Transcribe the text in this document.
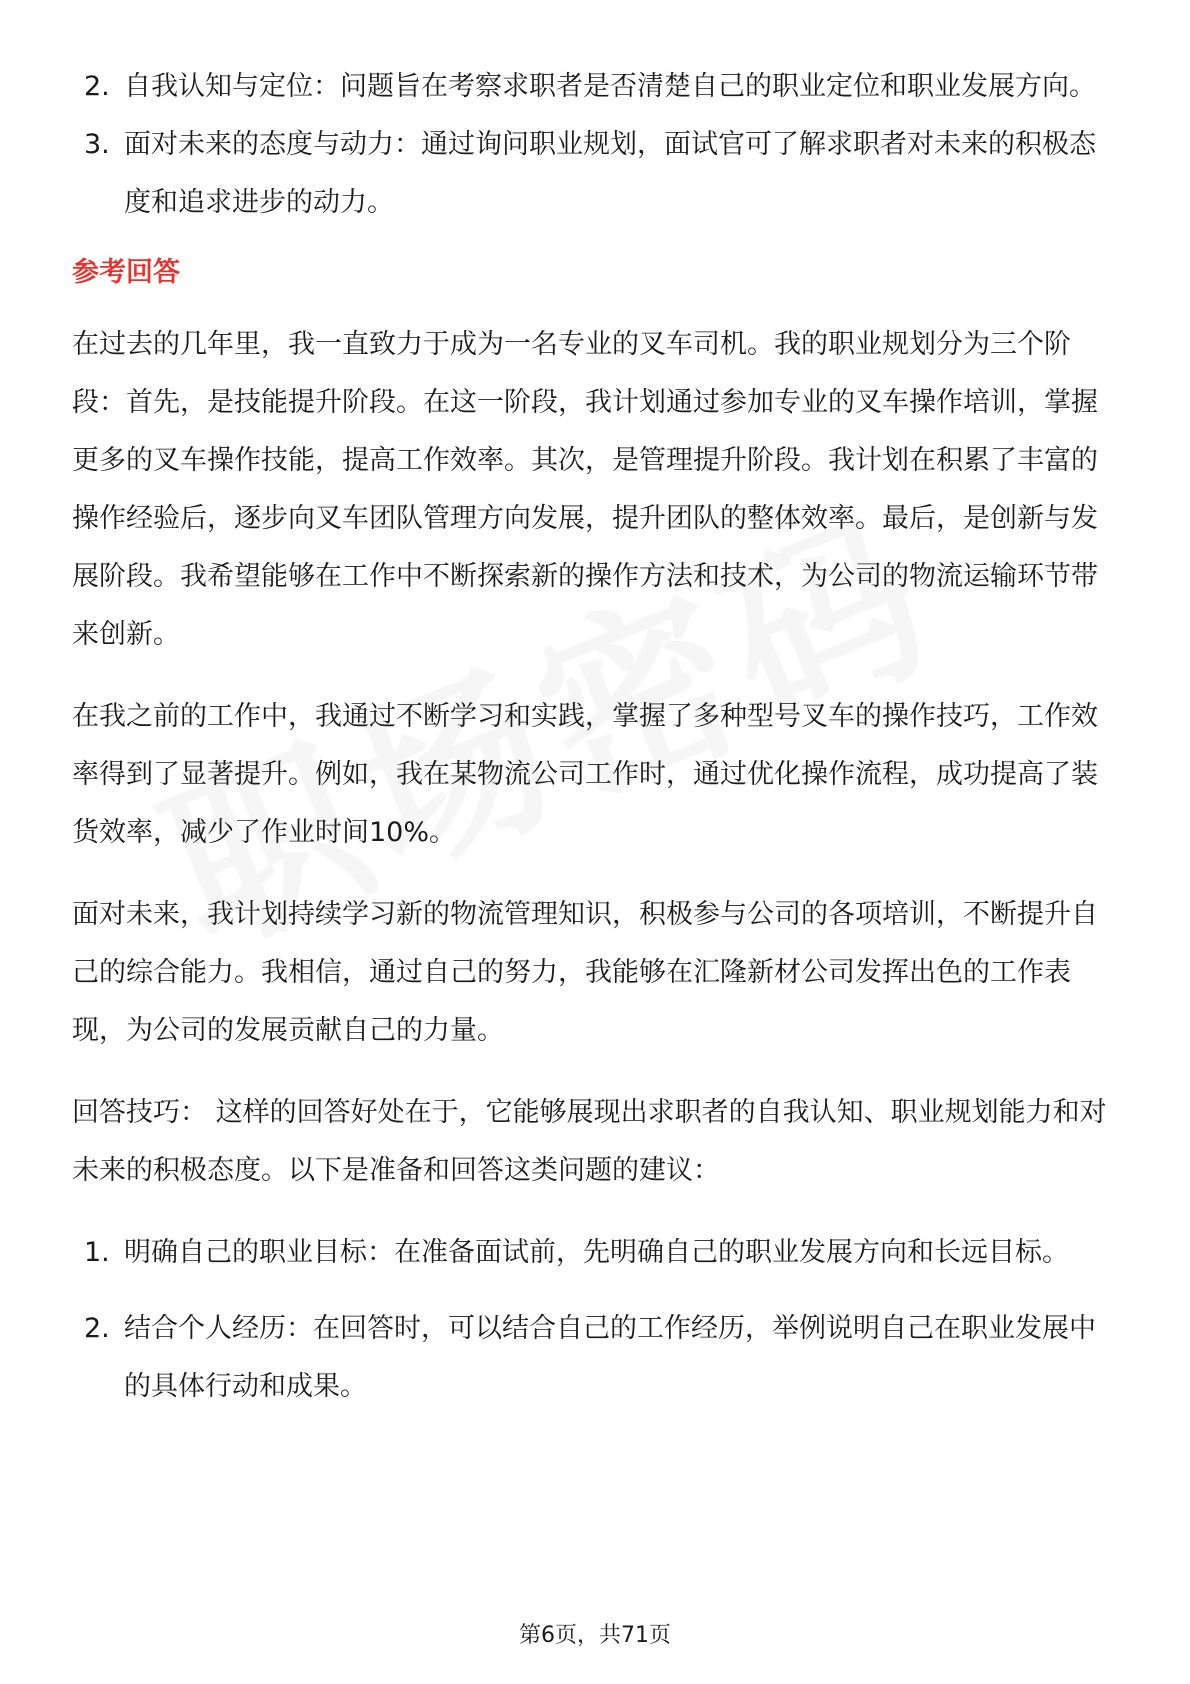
2. 自我认知与定位：问题旨在考察求职者是否清楚自己的职业定位和职业发展方向。
3. 面对未来的态度与动力：通过询问职业规划，面试官可了解求职者对未来的积极态度和追求进步的动力。
参考回答

在过去的几年里，我一直致力于成为一名专业的叉车司机。我的职业规划分为三个阶段：首先，是技能提升阶段。在这一阶段，我计划通过参加专业的叉车操作培训，掌握更多的叉车操作技能，提高工作效率。其次，是管理提升阶段。我计划在积累了丰富的操作经验后，逐步向叉车团队管理方向发展，提升团队的整体效率。最后，是创新与发展阶段。我希望能够在工作中不断探索新的操作方法和技术，为公司的物流运输环节带来创新。

在我之前的工作中，我通过不断学习和实践，掌握了多种型号叉车的操作技巧，工作效率得到了显著提升。例如，我在某物流公司工作时，通过优化操作流程，成功提高了装货效率，减少了作业时间10%。

面对未来，我计划持续学习新的物流管理知识，积极参与公司的各项培训，不断提升自己的综合能力。我相信，通过自己的努力，我能够在汇隆新材公司发挥出色的工作表现，为公司的发展贡献自己的力量。

回答技巧： 这样的回答好处在于，它能够展现出求职者的自我认知、职业规划能力和对未来的积极态度。以下是准备和回答这类问题的建议：

1. 明确自己的职业目标：在准备面试前，先明确自己的职业发展方向和长远目标。
2. 结合个人经历：在回答时，可以结合自己的工作经历，举例说明自己在职业发展中的具体行动和成果。
第6页，共71页
